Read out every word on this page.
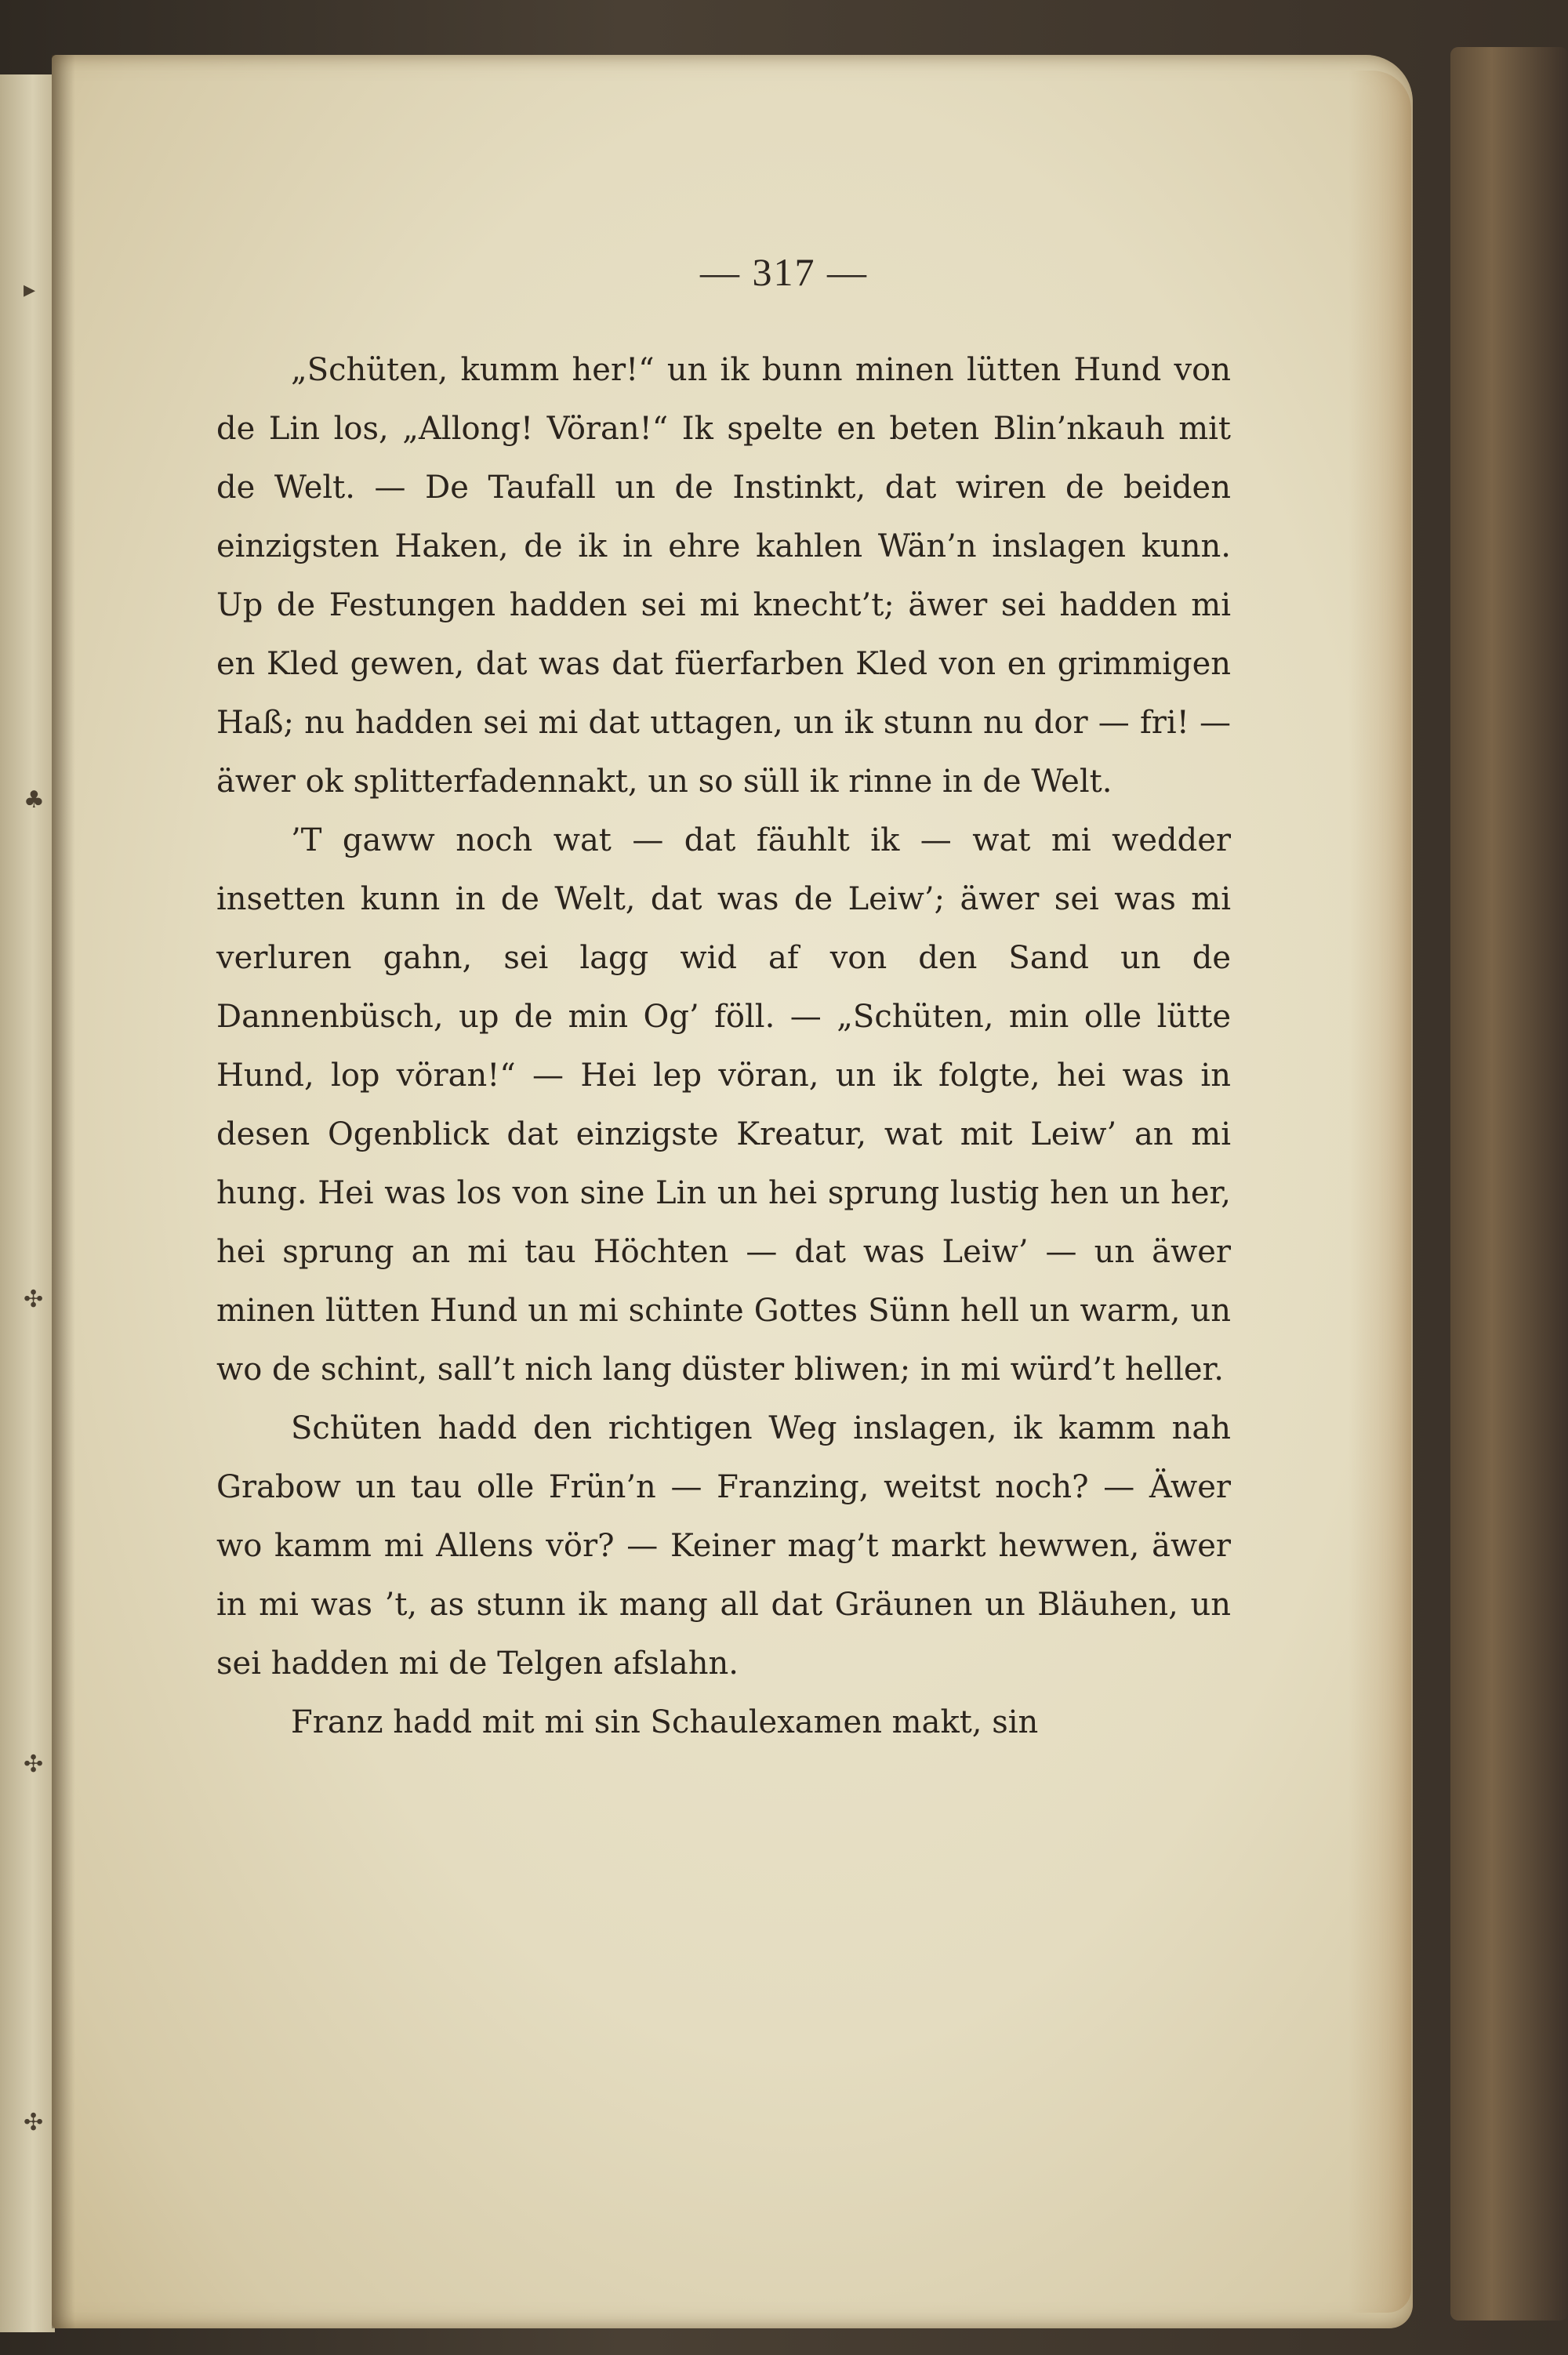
▸
♣
✣
✣
✣
— 317 —

„Schüten, kumm her!“ un ik bunn minen lütten Hund von de Lin los, „Allong! Vöran!“ Ik spelte en beten Blin’nkauh mit de Welt. — De Taufall un de Instinkt, dat wiren de beiden einzigsten Haken, de ik in ehre kahlen Wän’n inslagen kunn. Up de Festungen hadden sei mi knecht’t; äwer sei hadden mi en Kled gewen, dat was dat füerfarben Kled von en grimmigen Haß; nu hadden sei mi dat uttagen, un ik stunn nu dor — fri! — äwer ok splitterfadennakt, un so süll ik rinne in de Welt.

’T gaww noch wat — dat fäuhlt ik — wat mi wedder insetten kunn in de Welt, dat was de Leiw’; äwer sei was mi verluren gahn, sei lagg wid af von den Sand un de Dannenbüsch, up de min Og’ föll. — „Schüten, min olle lütte Hund, lop vöran!“ — Hei lep vöran, un ik folgte, hei was in desen Ogenblick dat einzigste Kreatur, wat mit Leiw’ an mi hung. Hei was los von sine Lin un hei sprung lustig hen un her, hei sprung an mi tau Höchten — dat was Leiw’ — un äwer minen lütten Hund un mi schinte Gottes Sünn hell un warm, un wo de schint, sall’t nich lang düster bliwen; in mi würd’t heller.

Schüten hadd den richtigen Weg inslagen, ik kamm nah Grabow un tau olle Frün’n — Franzing, weitst noch? — Äwer wo kamm mi Allens vör? — Keiner mag’t markt hewwen, äwer in mi was ’t, as stunn ik mang all dat Gräunen un Bläuhen, un sei hadden mi de Telgen afslahn.

Franz hadd mit mi sin Schaulexamen makt, sin
